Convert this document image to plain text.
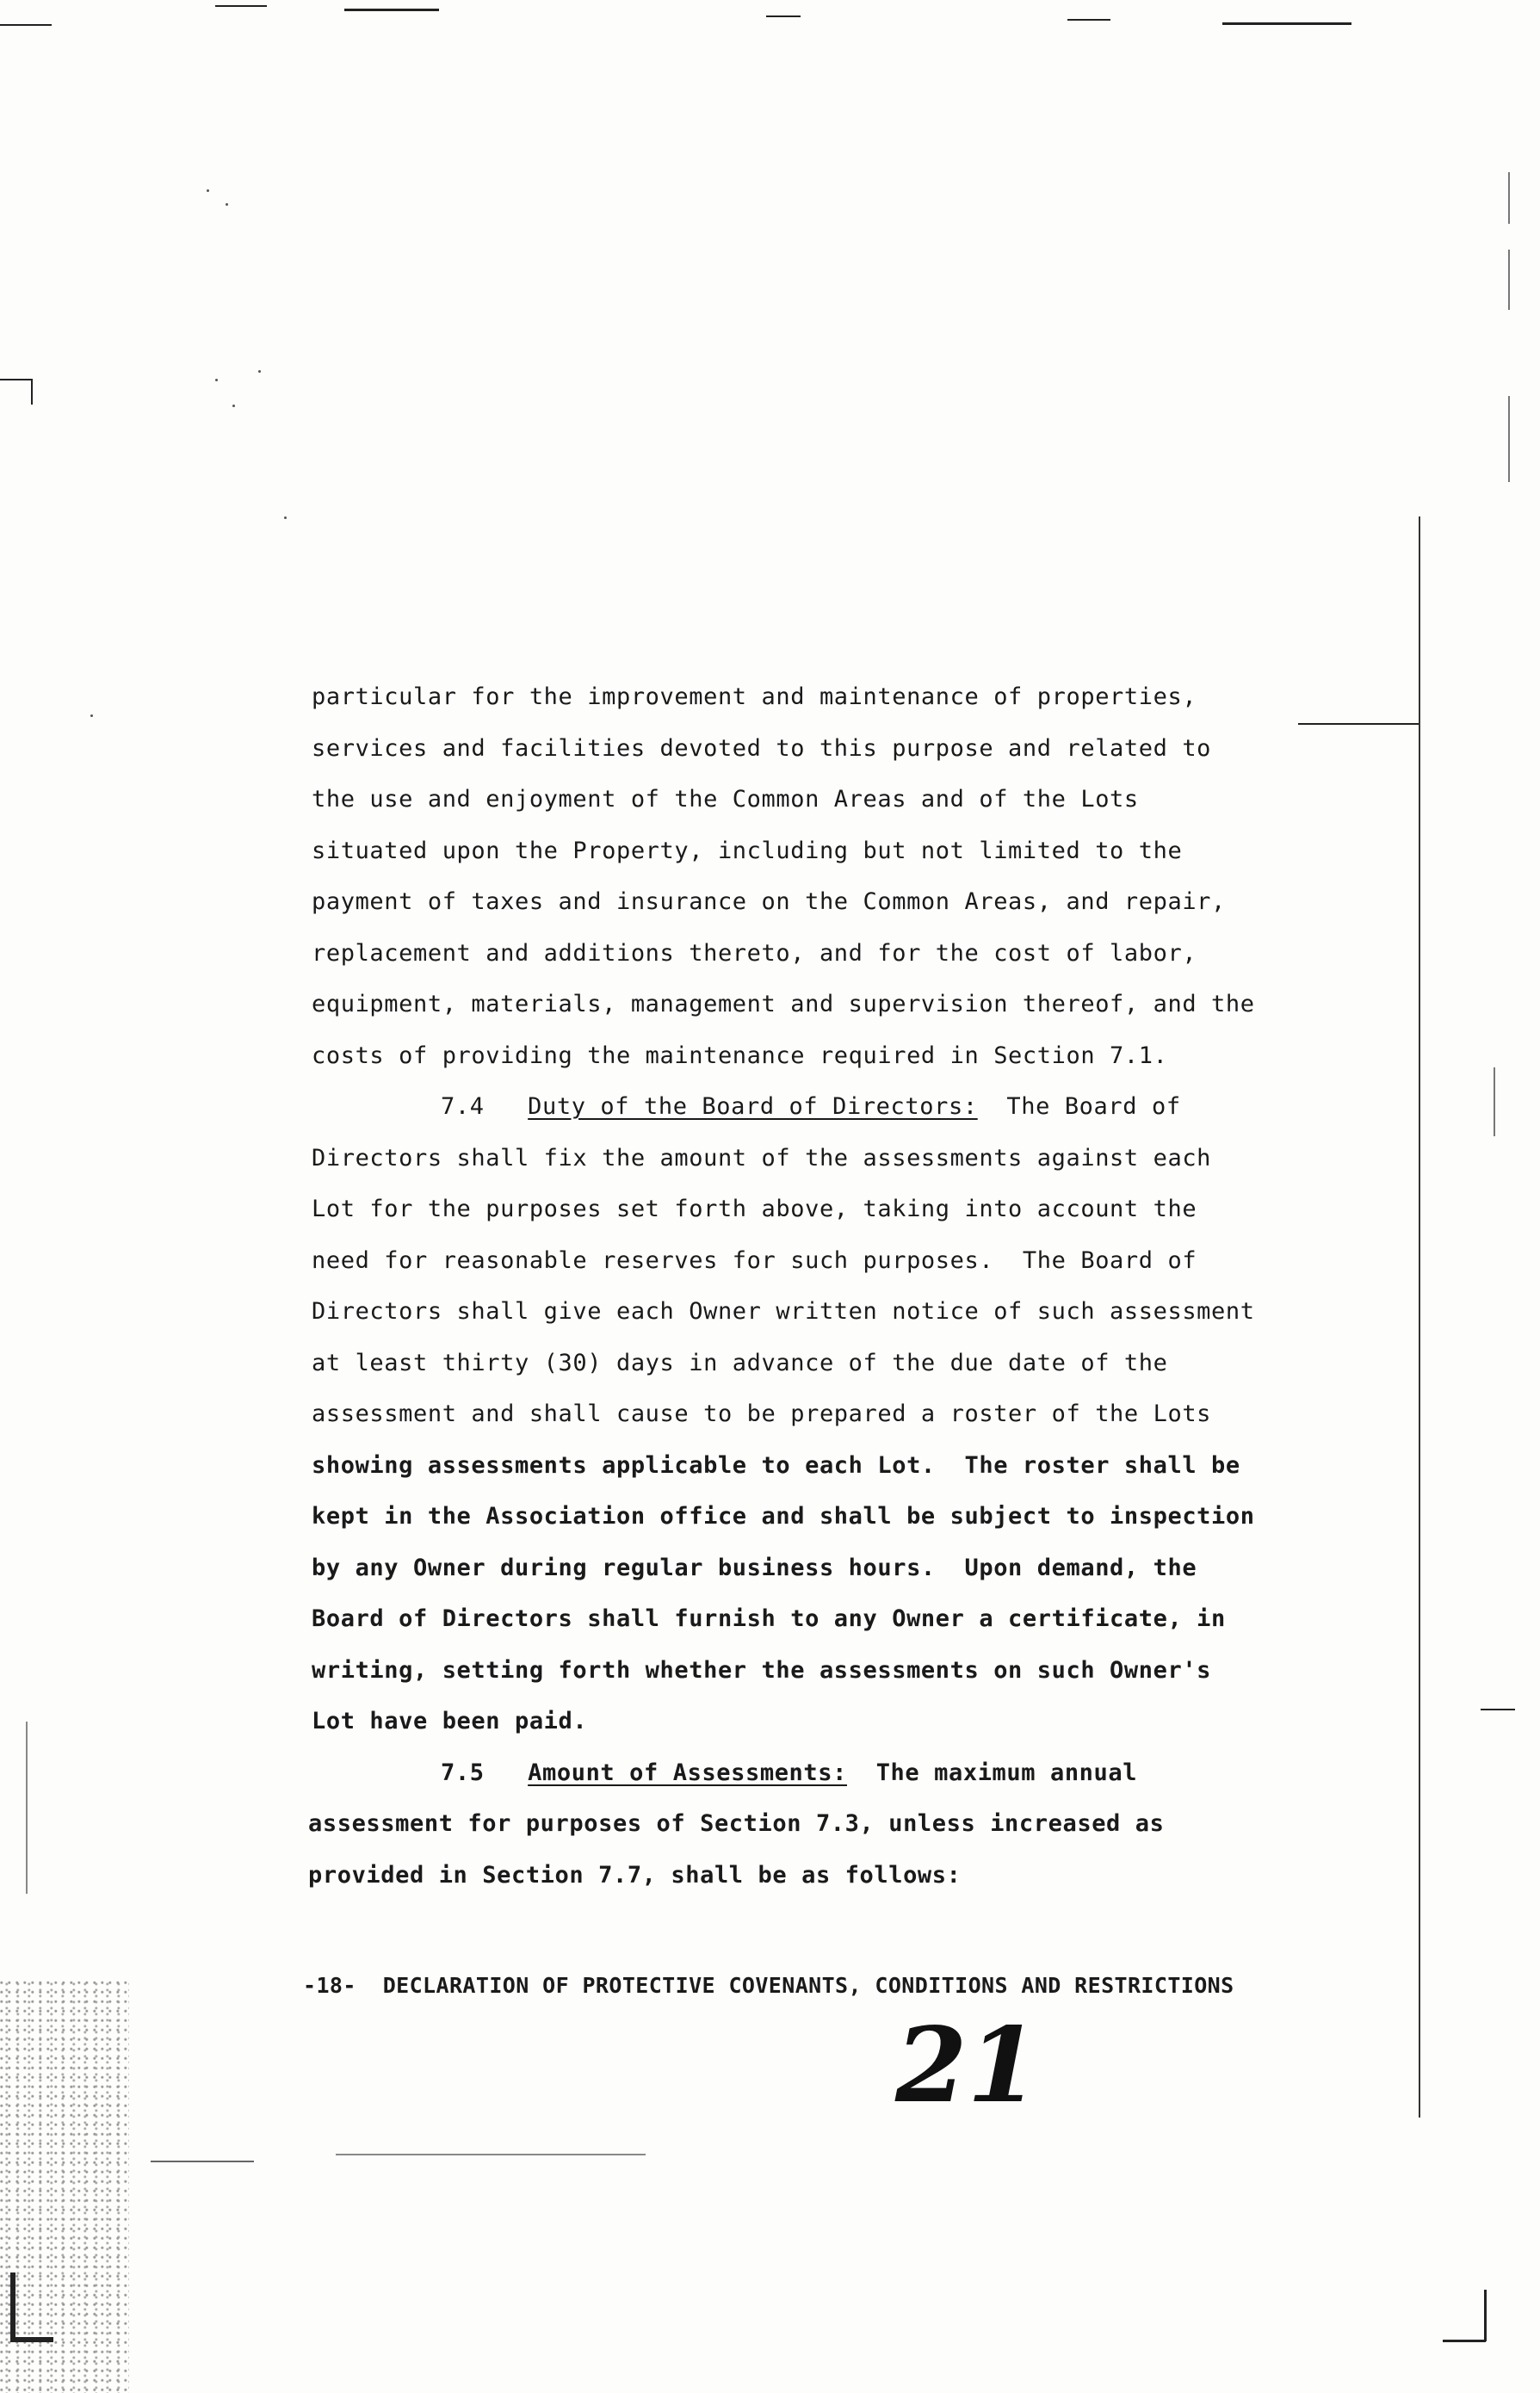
particular for the improvement and maintenance of properties,
services and facilities devoted to this purpose and related to
the use and enjoyment of the Common Areas and of the Lots
situated upon the Property, including but not limited to the
payment of taxes and insurance on the Common Areas, and repair,
replacement and additions thereto, and for the cost of labor,
equipment, materials, management and supervision thereof, and the
costs of providing the maintenance required in Section 7.1.
7.4 Duty of the Board of Directors: The Board of
Directors shall fix the amount of the assessments against each
Lot for the purposes set forth above, taking into account the
need for reasonable reserves for such purposes.  The Board of
Directors shall give each Owner written notice of such assessment
at least thirty (30) days in advance of the due date of the
assessment and shall cause to be prepared a roster of the Lots
showing assessments applicable to each Lot.  The roster shall be
kept in the Association office and shall be subject to inspection
by any Owner during regular business hours.  Upon demand, the
Board of Directors shall furnish to any Owner a certificate, in
writing, setting forth whether the assessments on such Owner's
Lot have been paid.
7.5 Amount of Assessments: The maximum annual
assessment for purposes of Section 7.3, unless increased as
provided in Section 7.7, shall be as follows:
-18-  DECLARATION OF PROTECTIVE COVENANTS, CONDITIONS AND RESTRICTIONS
21
